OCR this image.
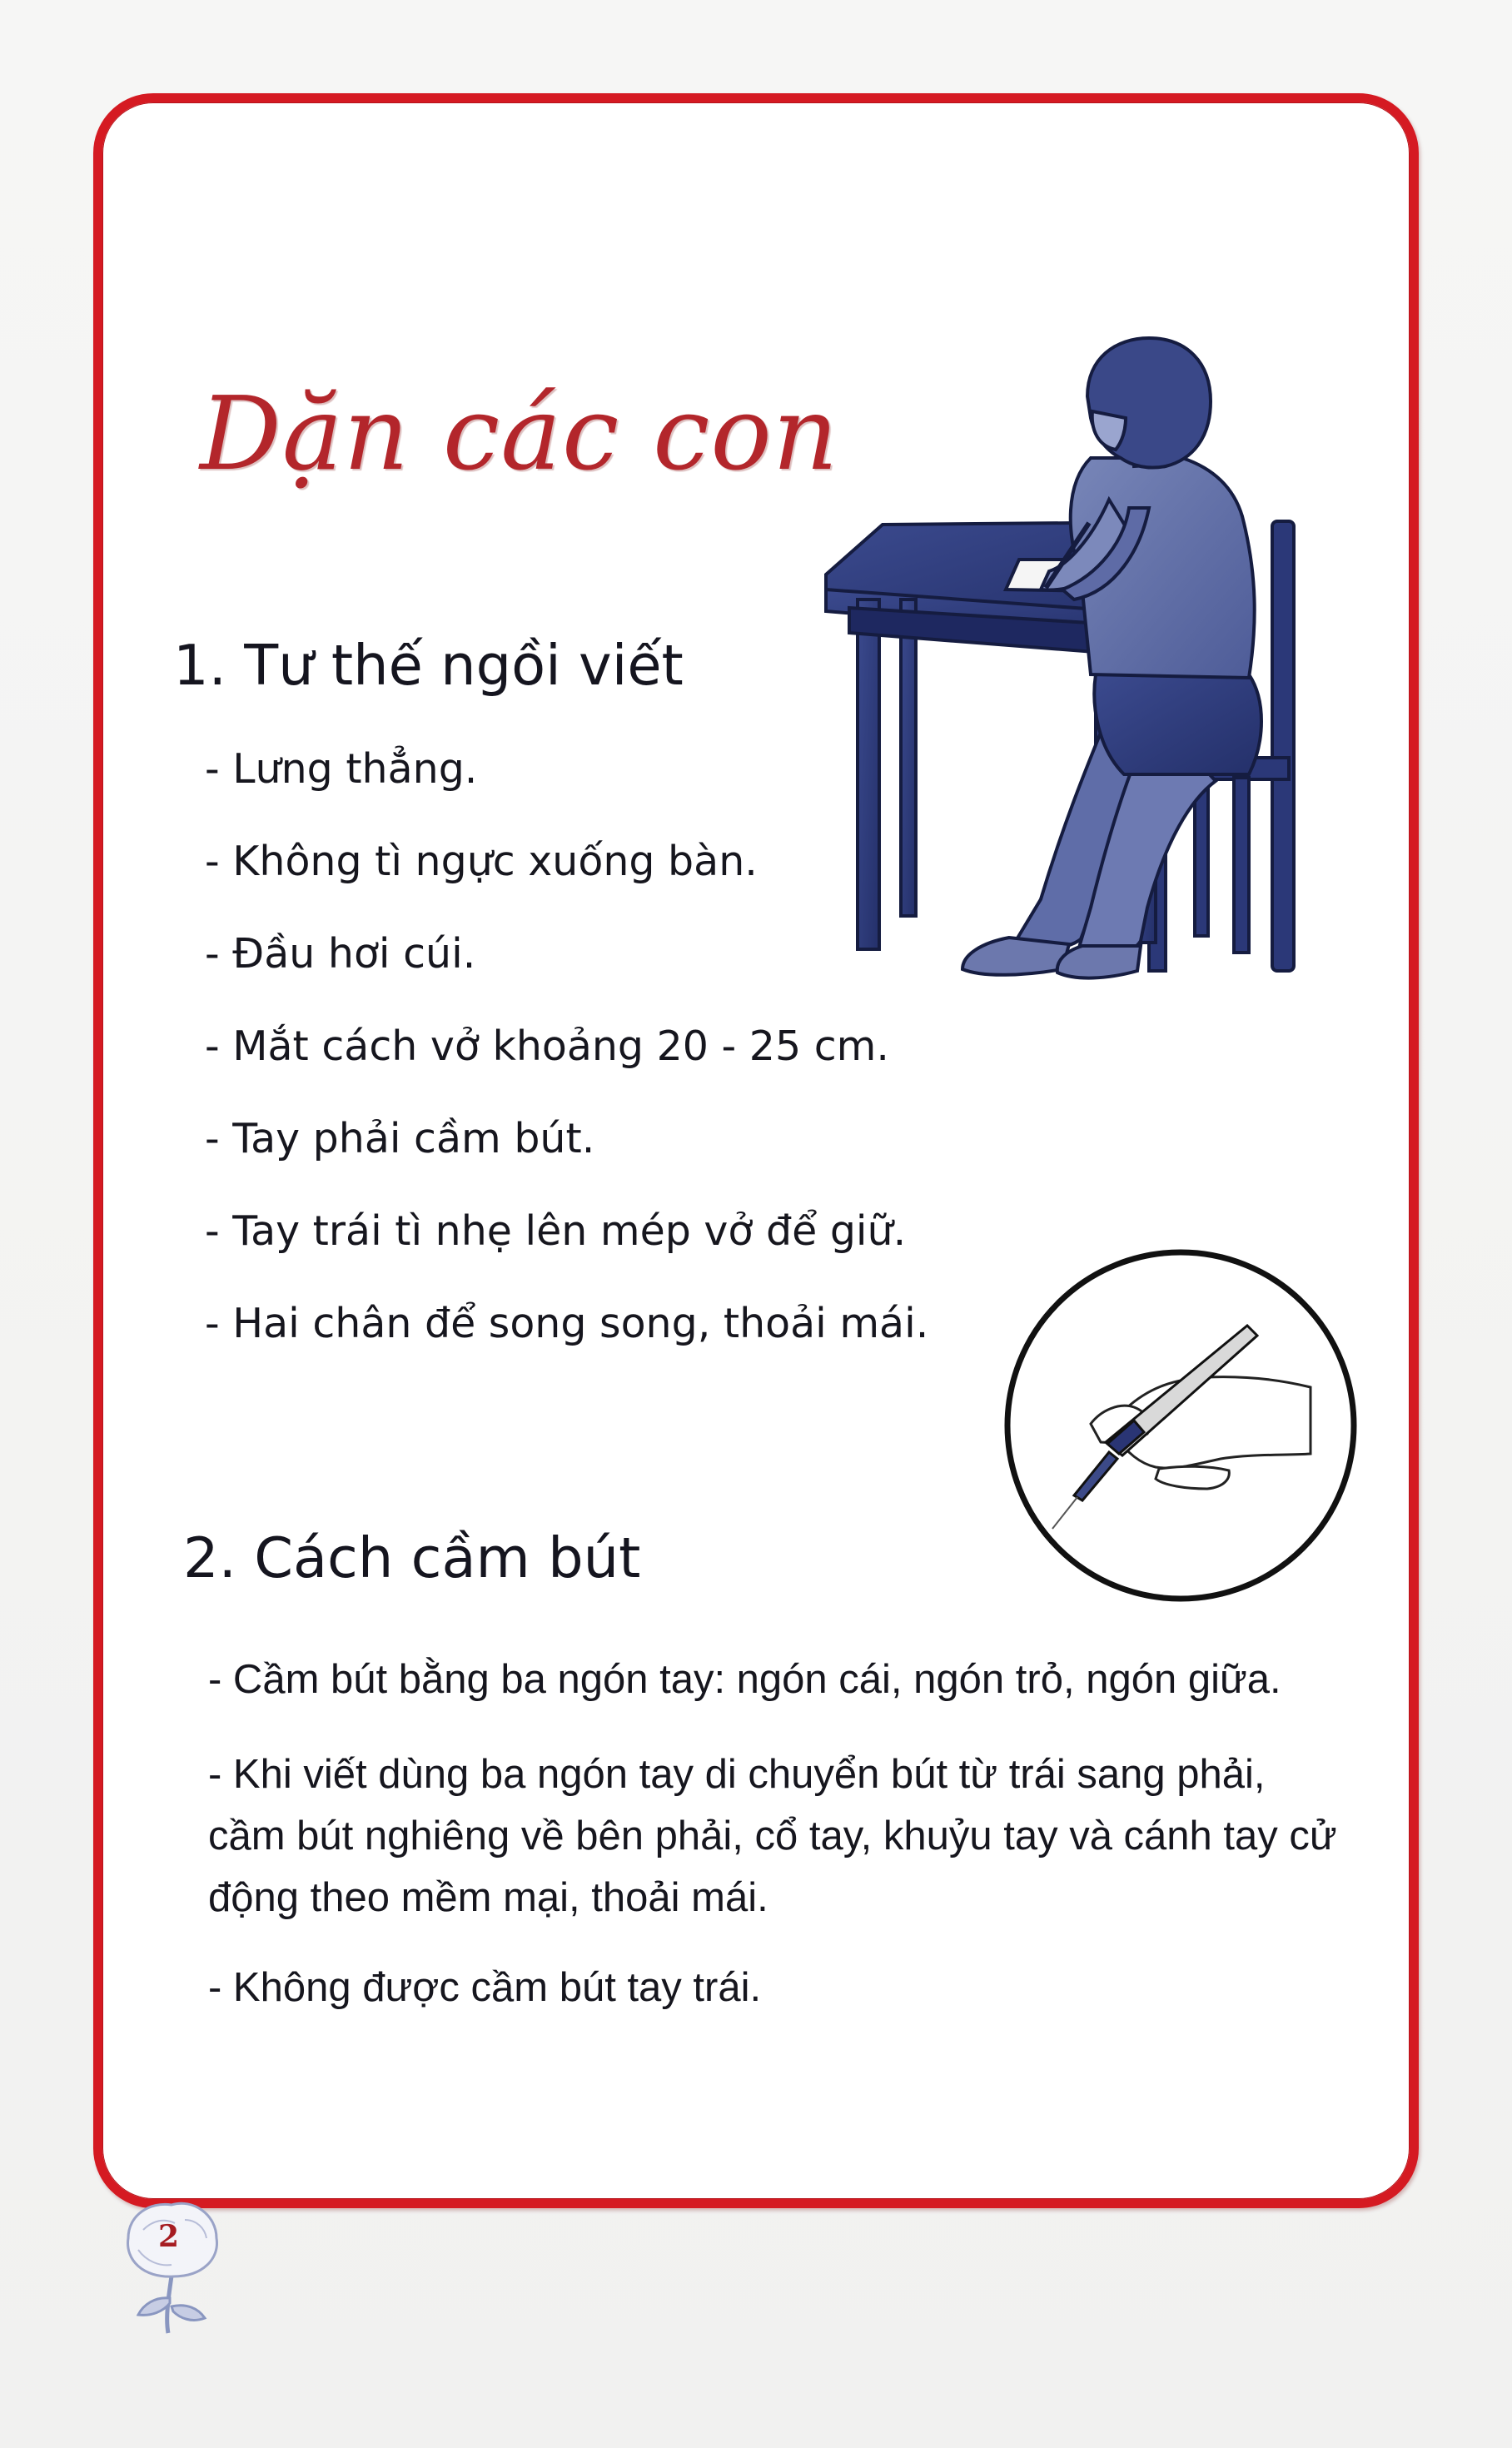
Dặn các con
1. Tư thế ngồi viết
- Lưng thẳng.
- Không tì ngực xuống bàn.
- Đầu hơi cúi.
- Mắt cách vở khoảng 20 - 25 cm.
- Tay phải cầm bút.
- Tay trái tì nhẹ lên mép vở để giữ.
- Hai chân để song song, thoải mái.
2. Cách cầm bút
- Cầm bút bằng ba ngón tay: ngón cái, ngón trỏ, ngón giữa.
- Khi viết dùng ba ngón tay di chuyển bút từ trái sang phải, cầm bút nghiêng về bên phải, cổ tay, khuỷu tay và cánh tay cử động theo mềm mại, thoải mái.
- Không được cầm bút tay trái.
2
